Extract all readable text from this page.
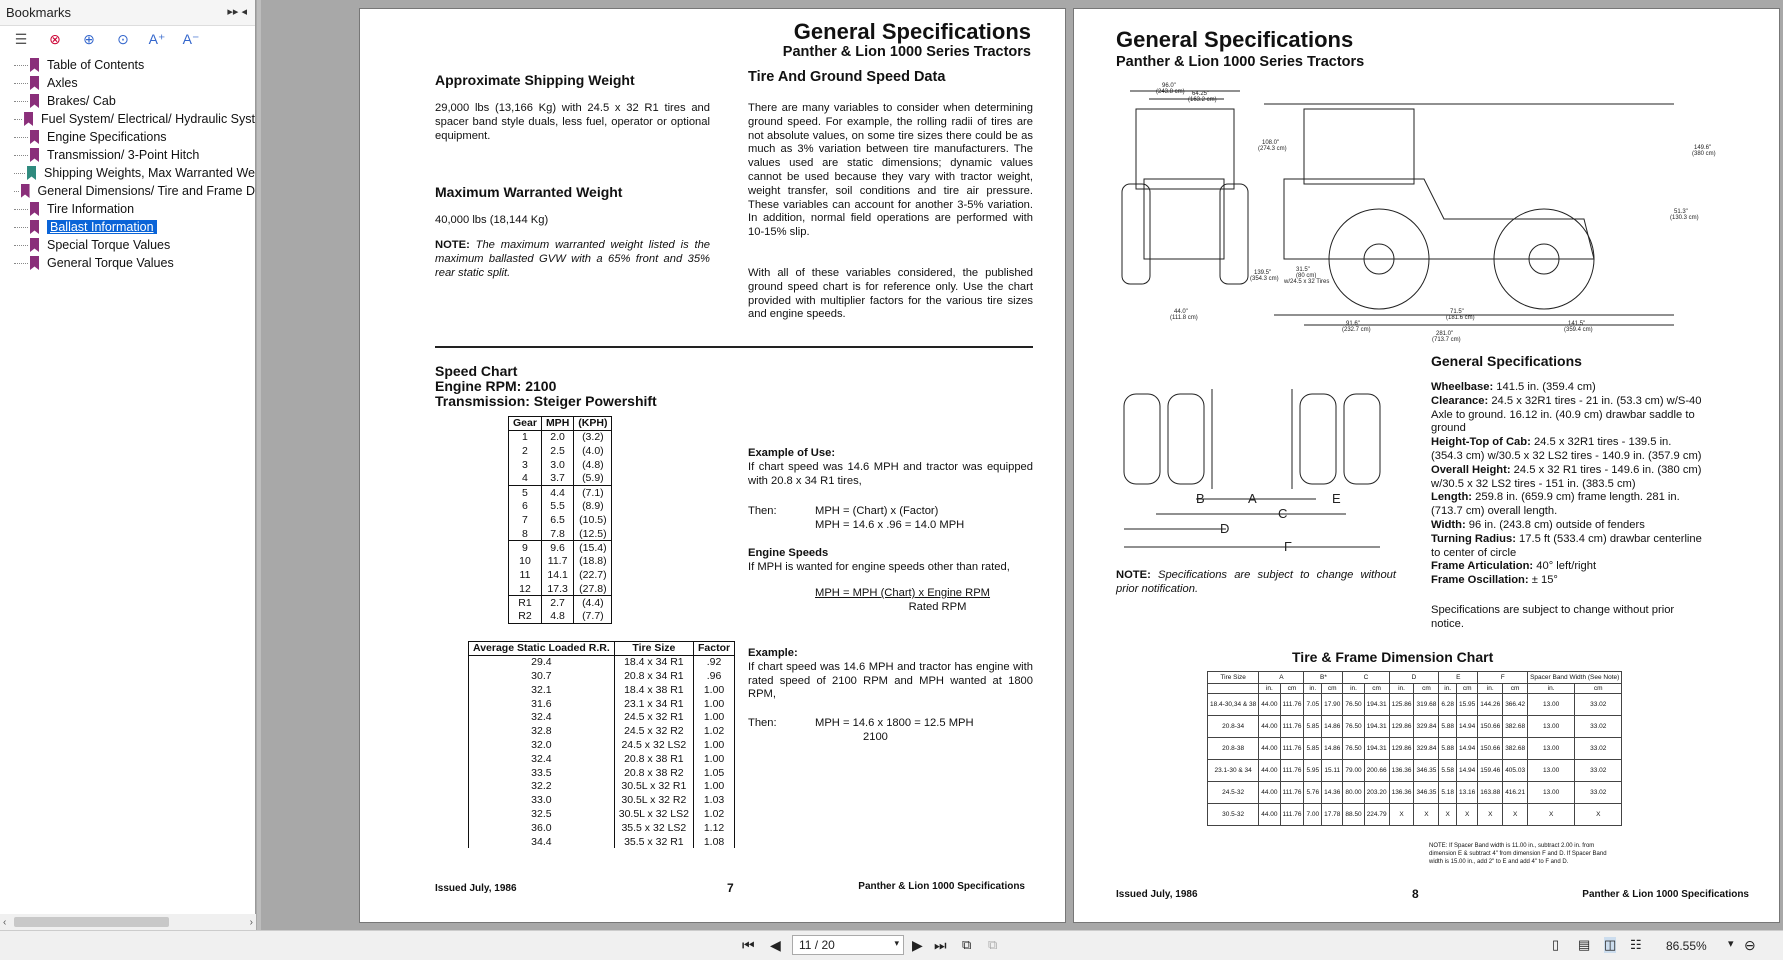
Bookmarks	▸▸ ◂
☰ ⊗ ⊕ ⊙ A⁺ A⁻
Table of Contents
Axles
Brakes/ Cab
Fuel System/ Electrical/ Hydraulic Syst
Engine Specifications
Transmission/ 3-Point Hitch
Shipping Weights, Max Warranted We
General Dimensions/ Tire and Frame D
Tire Information
Ballast Information
Special Torque Values
General Torque Values
‹	›
General Specifications
Panther & Lion 1000 Series Tractors
Tire And Ground Speed Data
Approximate Shipping Weight
29,000 lbs (13,166 Kg) with 24.5 x 32 R1 tires and spacer band style duals, less fuel, operator or optional equipment.
Maximum Warranted Weight
40,000 lbs (18,144 Kg)
NOTE: The maximum warranted weight listed is the maximum ballasted GVW with a 65% front and 35% rear static split.
There are many variables to consider when determining ground speed. For example, the rolling radii of tires are not absolute values, on some tire sizes there could be as much as 3% variation between tire manufacturers. The values used are static dimensions; dynamic values cannot be used because they vary with tractor weight, weight transfer, soil conditions and tire air pressure. These variables can account for another 3-5% variation. In addition, normal field operations are performed with 10-15% slip.
With all of these variables considered, the published ground speed chart is for reference only. Use the chart provided with multiplier factors for the various tire sizes and engine speeds.
Speed Chart
Engine RPM: 2100
Transmission: Steiger Powershift
Gear	MPH	(KPH)
1	2.0	(3.2)
2	2.5	(4.0)
3	3.0	(4.8)
4	3.7	(5.9)
5	4.4	(7.1)
6	5.5	(8.9)
7	6.5	(10.5)
8	7.8	(12.5)
9	9.6	(15.4)
10	11.7	(18.8)
11	14.1	(22.7)
12	17.3	(27.8)
R1	2.7	(4.4)
R2	4.8	(7.7)
Average Static Loaded R.R.	Tire Size	Factor
29.4	18.4 x 34 R1	.92
30.7	20.8 x 34 R1	.96
32.1	18.4 x 38 R1	1.00
31.6	23.1 x 34 R1	1.00
32.4	24.5 x 32 R1	1.00
32.8	24.5 x 32 R2	1.02
32.0	24.5 x 32 LS2	1.00
32.4	20.8 x 38 R1	1.00
33.5	20.8 x 38 R2	1.05
32.2	30.5L x 32 R1	1.00
33.0	30.5L x 32 R2	1.03
32.5	30.5L x 32 LS2	1.02
36.0	35.5 x 32 LS2	1.12
34.4	35.5 x 32 R1	1.08
Example of Use:
If chart speed was 14.6 MPH and tractor was equipped with 20.8 x 34 R1 tires,
Then:	MPH = (Chart) x (Factor)
MPH = 14.6 x .96 = 14.0 MPH
Engine Speeds
If MPH is wanted for engine speeds other than rated,
MPH = MPH (Chart) x Engine RPM
Rated RPM
Example:
If chart speed was 14.6 MPH and tractor has engine with rated speed of 2100 RPM and MPH wanted at 1800 RPM,
Then:	MPH = 14.6 x 1800 = 12.5 MPH
2100
Issued July, 1986	7	Panther & Lion 1000 Specifications
General Specifications
Panther & Lion 1000 Series Tractors
96.0"
(243.8 cm) 64.25"
(163.2 cm)
108.0"
(274.3 cm)	149.6"
(380 cm)
51.3"
(130.3 cm)
139.5"
(354.3 cm)
31.5"
(80 cm)
w/24.5 x 32 Tires
44.0"
(111.8 cm)
91.6"
(232.7 cm)
71.5"
(181.6 cm)
141.5"
(359.4 cm)
281.0"
(713.7 cm)
B	A
C
D
E
F
NOTE: Specifications are subject to change without prior notification.
General Specifications
Wheelbase: 141.5 in. (359.4 cm)
Clearance: 24.5 x 32R1 tires - 21 in. (53.3 cm) w/S-40 Axle to ground. 16.12 in. (40.9 cm) drawbar saddle to ground
Height-Top of Cab: 24.5 x 32R1 tires - 139.5 in. (354.3 cm) w/30.5 x 32 LS2 tires - 140.9 in. (357.9 cm)
Overall Height: 24.5 x 32 R1 tires - 149.6 in. (380 cm) w/30.5 x 32 LS2 tires - 151 in. (383.5 cm)
Length: 259.8 in. (659.9 cm) frame length. 281 in. (713.7 cm) overall length.
Width: 96 in. (243.8 cm) outside of fenders
Turning Radius: 17.5 ft (533.4 cm) drawbar centerline to center of circle
Frame Articulation: 40° left/right
Frame Oscillation: ± 15°
Specifications are subject to change without prior notice.
Tire & Frame Dimension Chart
Tire Size	A		B*		C		D		E		F		Spacer Band Width (See Note)	
	in.	cm	in.	cm	in.	cm	in.	cm	in.	cm	in.	cm	in.	cm
18.4-30,34 & 38	44.00	111.76	7.05	17.90	76.50	194.31	125.86	319.68	6.28	15.95	144.26	366.42	13.00	33.02
20.8-34	44.00	111.76	5.85	14.86	76.50	194.31	129.86	329.84	5.88	14.94	150.66	382.68	13.00	33.02
20.8-38	44.00	111.76	5.85	14.86	76.50	194.31	129.86	329.84	5.88	14.94	150.66	382.68	13.00	33.02
23.1-30 & 34	44.00	111.76	5.95	15.11	79.00	200.66	136.36	346.35	5.58	14.94	159.46	405.03	13.00	33.02
24.5-32	44.00	111.76	5.76	14.36	80.00	203.20	136.36	346.35	5.18	13.16	163.88	416.21	13.00	33.02
30.5-32	44.00	111.76	7.00	17.78	88.50	224.79	X	X	X	X	X	X	X	X
NOTE: If Spacer Band width is 11.00 in., subtract 2.00 in. from dimension E & subtract 4" from dimension F and D. If Spacer Band width is 15.00 in., add 2" to E and add 4" to F and D.
Issued July, 1986	8	Panther & Lion 1000 Specifications
⏮ ◀	11 / 20	▾ ▶ ⏭ ⧉ ⧉	▯ ▤ ◫ ☷ 86.55% ▾ ⊖
